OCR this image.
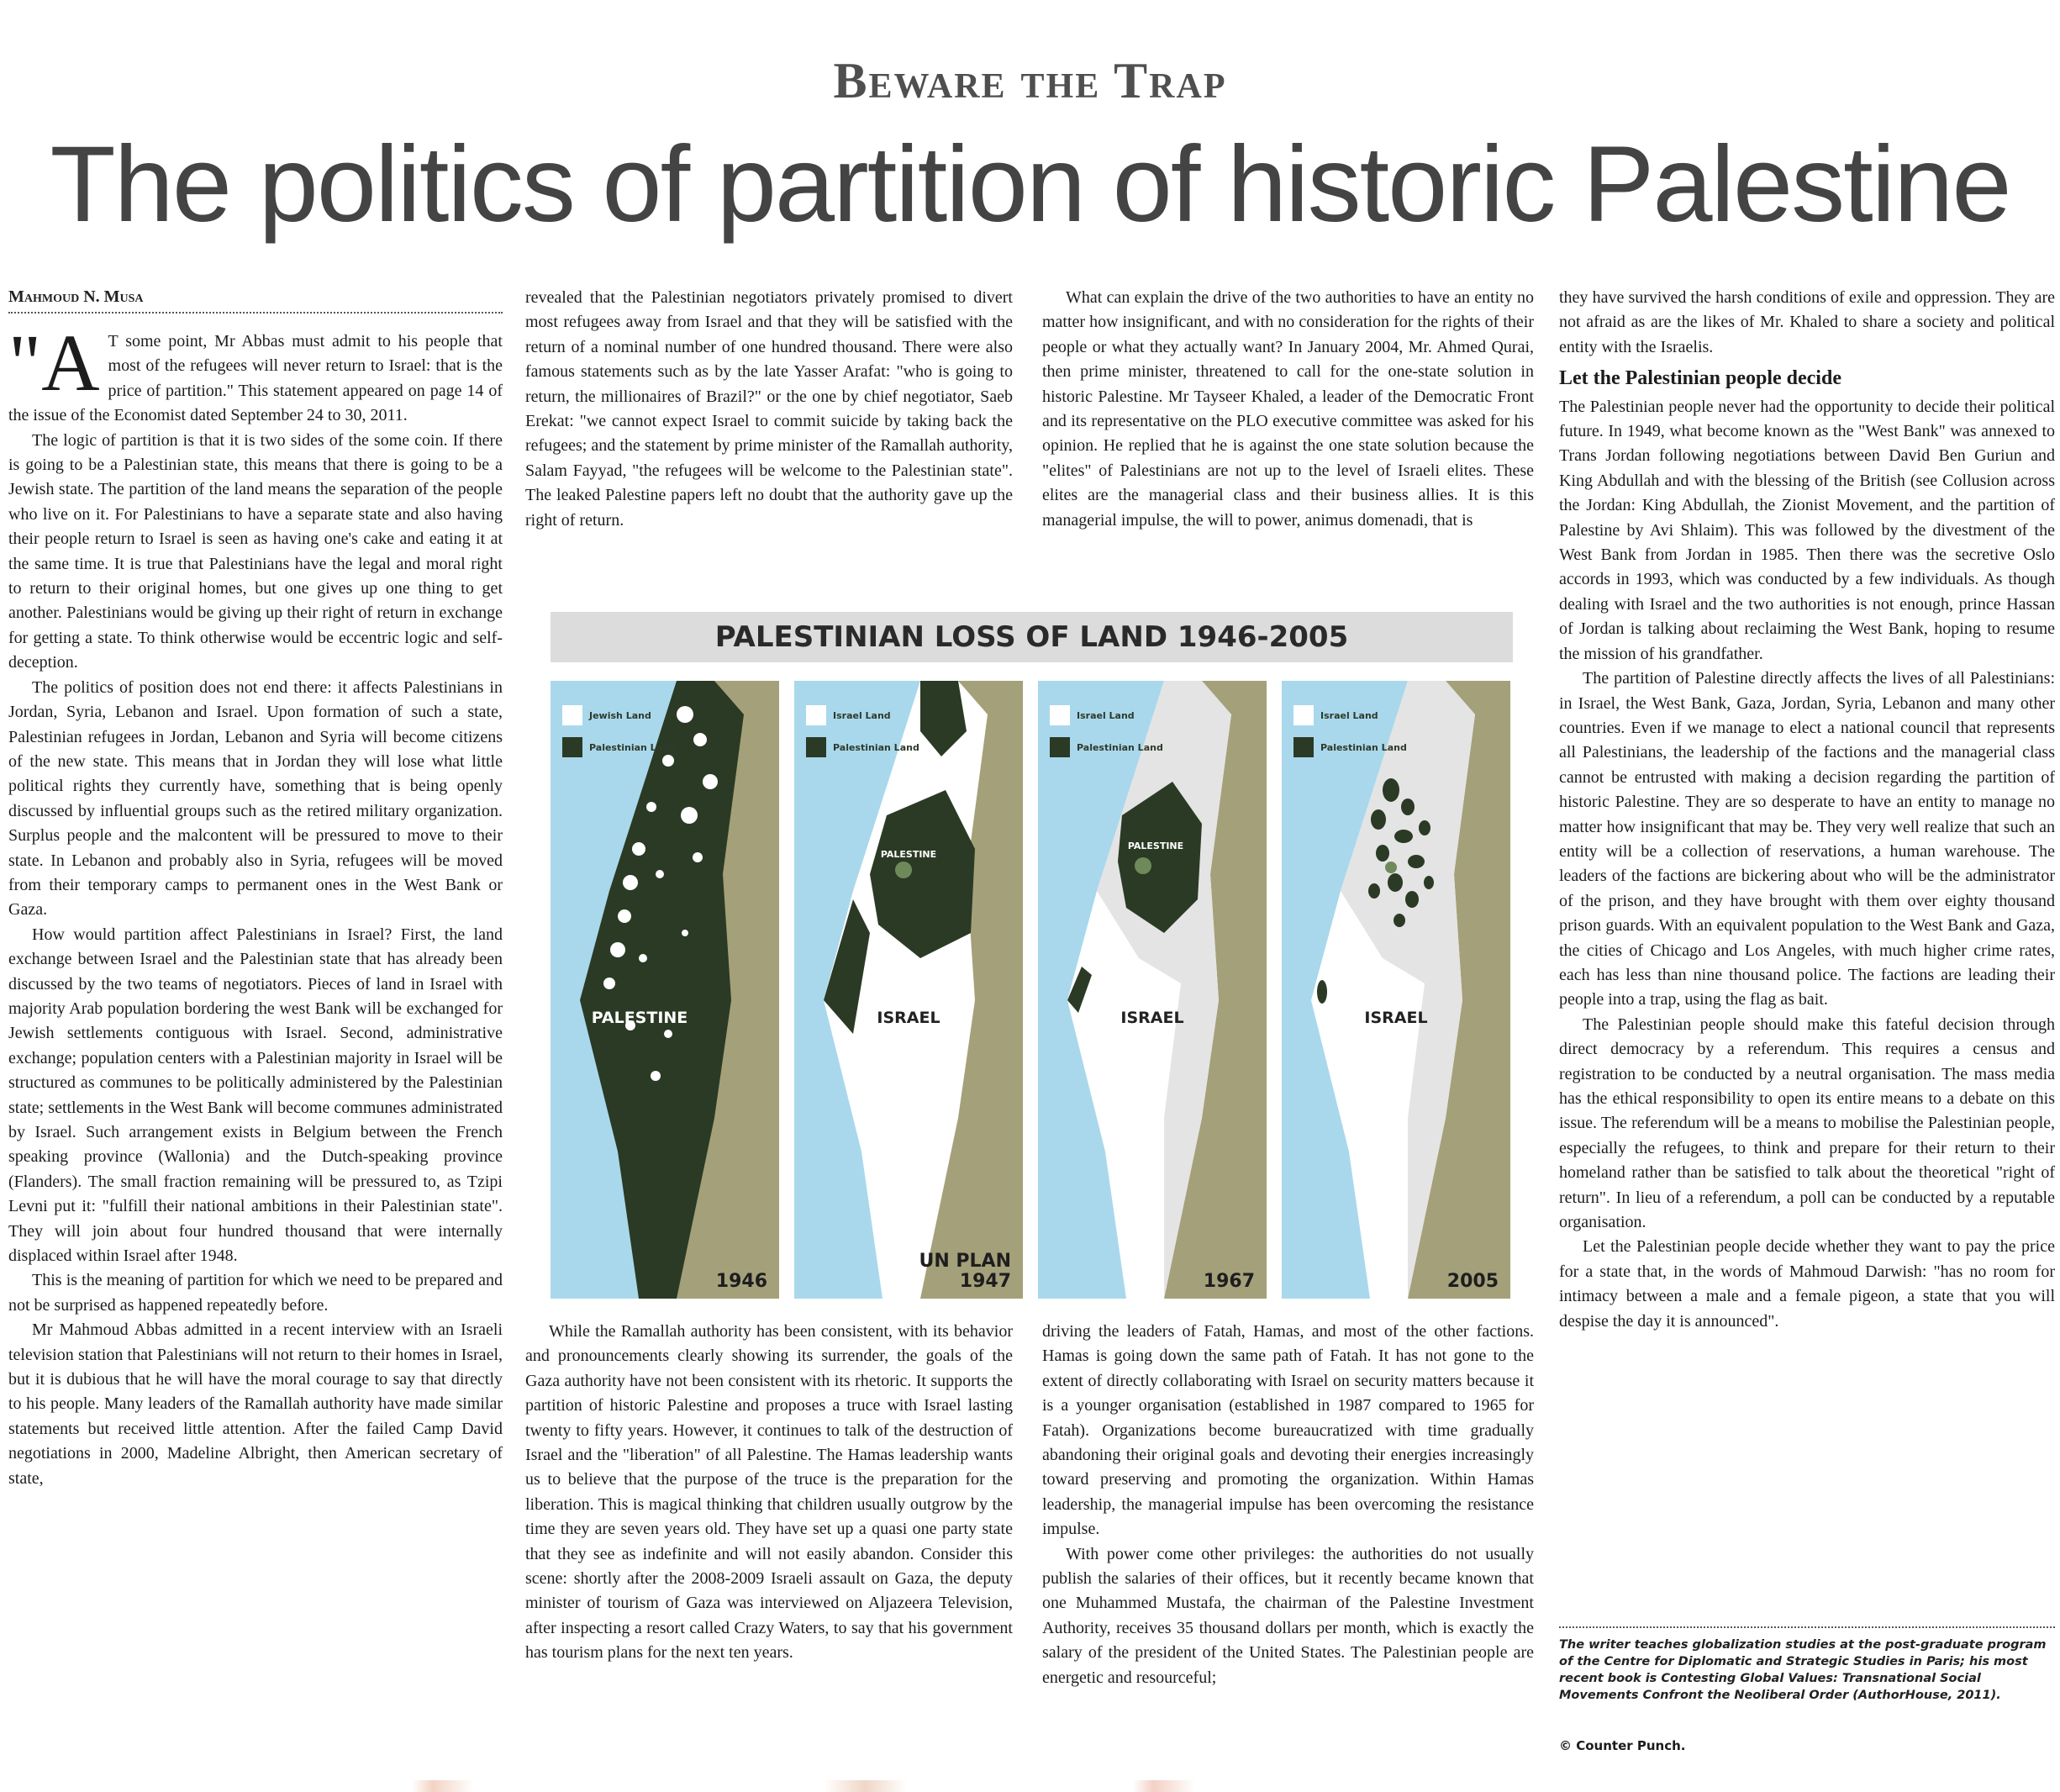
Beware the Trap
The politics of partition of historic Palestine
Mahmoud N. Musa

"A T some point, Mr Abbas must admit to his people that most of the refugees will never return to Israel: that is the price of partition." This statement appeared on page 14 of the issue of the Economist dated September 24 to 30, 2011.

The logic of partition is that it is two sides of the some coin. If there is going to be a Palestinian state, this means that there is going to be a Jewish state. The partition of the land means the separation of the people who live on it. For Palestinians to have a separate state and also having their people return to Israel is seen as having one's cake and eating it at the same time. It is true that Palestinians have the legal and moral right to return to their original homes, but one gives up one thing to get another. Palestinians would be giving up their right of return in exchange for getting a state. To think otherwise would be eccentric logic and self-deception.

The politics of position does not end there: it affects Palestinians in Jordan, Syria, Lebanon and Israel. Upon formation of such a state, Palestinian refugees in Jordan, Lebanon and Syria will become citizens of the new state. This means that in Jordan they will lose what little political rights they currently have, something that is being openly discussed by influential groups such as the retired military organization. Surplus people and the malcontent will be pressured to move to their state. In Lebanon and probably also in Syria, refugees will be moved from their temporary camps to permanent ones in the West Bank or Gaza.

How would partition affect Palestinians in Israel? First, the land exchange between Israel and the Palestinian state that has already been discussed by the two teams of negotiators. Pieces of land in Israel with majority Arab population bordering the west Bank will be exchanged for Jewish settlements contiguous with Israel. Second, administrative exchange; population centers with a Palestinian majority in Israel will be structured as communes to be politically administered by the Palestinian state; settlements in the West Bank will become communes administrated by Israel. Such arrangement exists in Belgium between the French speaking province (Wallonia) and the Dutch-speaking province (Flanders). The small fraction remaining will be pressured to, as Tzipi Levni put it: "fulfill their national ambitions in their Palestinian state". They will join about four hundred thousand that were internally displaced within Israel after 1948.

This is the meaning of partition for which we need to be prepared and not be surprised as happened repeatedly before.

Mr Mahmoud Abbas admitted in a recent interview with an Israeli television station that Palestinians will not return to their homes in Israel, but it is dubious that he will have the moral courage to say that directly to his people. Many leaders of the Ramallah authority have made similar statements but received little attention. After the failed Camp David negotiations in 2000, Madeline Albright, then American secretary of state,

revealed that the Palestinian negotiators privately promised to divert most refugees away from Israel and that they will be satisfied with the return of a nominal number of one hundred thousand. There were also famous statements such as by the late Yasser Arafat: "who is going to return, the millionaires of Brazil?" or the one by chief negotiator, Saeb Erekat: "we cannot expect Israel to commit suicide by taking back the refugees; and the statement by prime minister of the Ramallah authority, Salam Fayyad, "the refugees will be welcome to the Palestinian state". The leaked Palestine papers left no doubt that the authority gave up the right of return.

What can explain the drive of the two authorities to have an entity no matter how insignificant, and with no consideration for the rights of their people or what they actually want? In January 2004, Mr. Ahmed Qurai, then prime minister, threatened to call for the one-state solution in historic Palestine. Mr Tayseer Khaled, a leader of the Democratic Front and its representative on the PLO executive committee was asked for his opinion. He replied that he is against the one state solution because the "elites" of Palestinians are not up to the level of Israeli elites. These elites are the managerial class and their business allies. It is this managerial impulse, the will to power, animus domenadi, that is

PALESTINIAN LOSS OF LAND 1946-2005
Jewish Land
Palestinian Land
PALESTINE
1946
Israel Land
Palestinian Land
PALESTINE
ISRAEL
UN PLAN
1947
Israel Land
Palestinian Land
PALESTINE
ISRAEL
1967
Israel Land
Palestinian Land
ISRAEL
2005

While the Ramallah authority has been consistent, with its behavior and pronouncements clearly showing its surrender, the goals of the Gaza authority have not been consistent with its rhetoric. It supports the partition of historic Palestine and proposes a truce with Israel lasting twenty to fifty years. However, it continues to talk of the destruction of Israel and the "liberation" of all Palestine. The Hamas leadership wants us to believe that the purpose of the truce is the preparation for the liberation. This is magical thinking that children usually outgrow by the time they are seven years old. They have set up a quasi one party state that they see as indefinite and will not easily abandon. Consider this scene: shortly after the 2008-2009 Israeli assault on Gaza, the deputy minister of tourism of Gaza was interviewed on Aljazeera Television, after inspecting a resort called Crazy Waters, to say that his government has tourism plans for the next ten years.

driving the leaders of Fatah, Hamas, and most of the other factions. Hamas is going down the same path of Fatah. It has not gone to the extent of directly collaborating with Israel on security matters because it is a younger organisation (established in 1987 compared to 1965 for Fatah). Organizations become bureaucratized with time gradually abandoning their original goals and devoting their energies increasingly toward preserving and promoting the organization. Within Hamas leadership, the managerial impulse has been overcoming the resistance impulse.

With power come other privileges: the authorities do not usually publish the salaries of their offices, but it recently became known that one Muhammed Mustafa, the chairman of the Palestine Investment Authority, receives 35 thousand dollars per month, which is exactly the salary of the president of the United States. The Palestinian people are energetic and resourceful;

they have survived the harsh conditions of exile and oppression. They are not afraid as are the likes of Mr. Khaled to share a society and political entity with the Israelis.

Let the Palestinian people decide

The Palestinian people never had the opportunity to decide their political future. In 1949, what become known as the "West Bank" was annexed to Trans Jordan following negotiations between David Ben Guriun and King Abdullah and with the blessing of the British (see Collusion across the Jordan: King Abdullah, the Zionist Movement, and the partition of Palestine by Avi Shlaim). This was followed by the divestment of the West Bank from Jordan in 1985. Then there was the secretive Oslo accords in 1993, which was conducted by a few individuals. As though dealing with Israel and the two authorities is not enough, prince Hassan of Jordan is talking about reclaiming the West Bank, hoping to resume the mission of his grandfather.

The partition of Palestine directly affects the lives of all Palestinians: in Israel, the West Bank, Gaza, Jordan, Syria, Lebanon and many other countries. Even if we manage to elect a national council that represents all Palestinians, the leadership of the factions and the managerial class cannot be entrusted with making a decision regarding the partition of historic Palestine. They are so desperate to have an entity to manage no matter how insignificant that may be. They very well realize that such an entity will be a collection of reservations, a human warehouse. The leaders of the factions are bickering about who will be the administrator of the prison, and they have brought with them over eighty thousand prison guards. With an equivalent population to the West Bank and Gaza, the cities of Chicago and Los Angeles, with much higher crime rates, each has less than nine thousand police. The factions are leading their people into a trap, using the flag as bait.

The Palestinian people should make this fateful decision through direct democracy by a referendum. This requires a census and registration to be conducted by a neutral organisation. The mass media has the ethical responsibility to open its entire means to a debate on this issue. The referendum will be a means to mobilise the Palestinian people, especially the refugees, to think and prepare for their return to their homeland rather than be satisfied to talk about the theoretical "right of return". In lieu of a referendum, a poll can be conducted by a reputable organisation.

Let the Palestinian people decide whether they want to pay the price for a state that, in the words of Mahmoud Darwish: "has no room for intimacy between a male and a female pigeon, a state that you will despise the day it is announced".

The writer teaches globalization studies at the post-graduate program of the Centre for Diplomatic and Strategic Studies in Paris; his most recent book is Contesting Global Values: Transnational Social Movements Confront the Neoliberal Order (AuthorHouse, 2011).
© Counter Punch.
